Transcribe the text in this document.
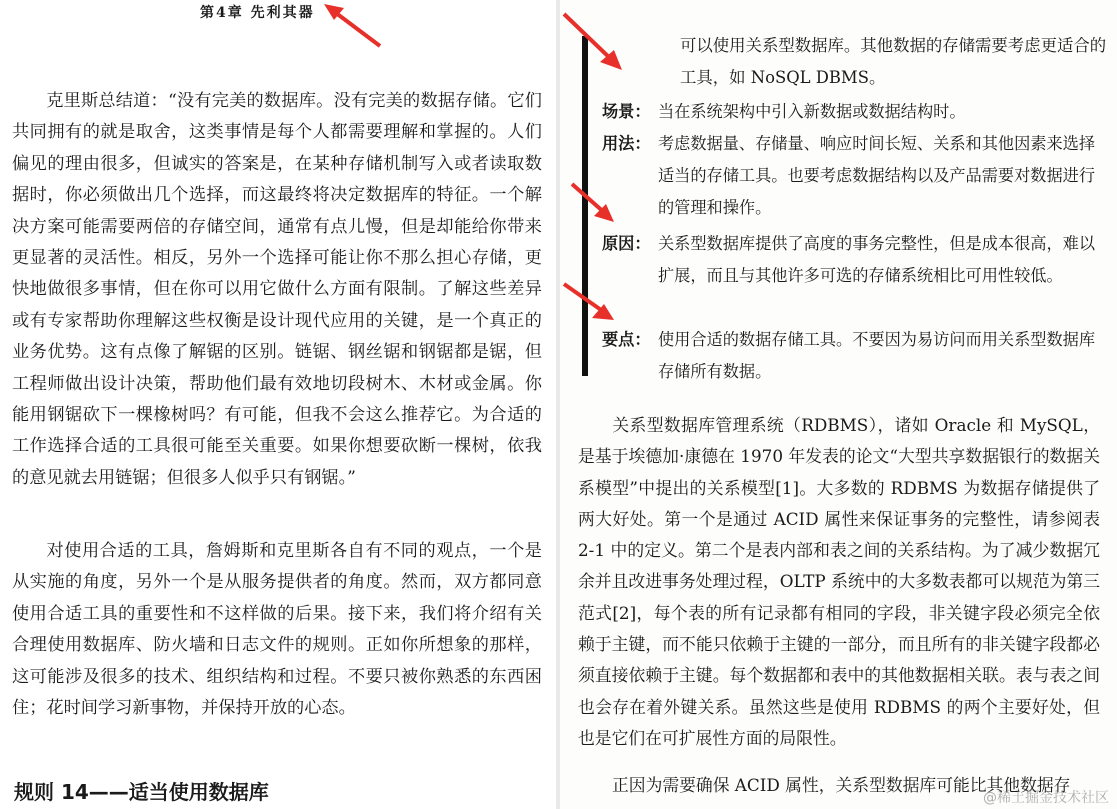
第4章 先利其器

克里斯总结道：“没有完美的数据库。没有完美的数据存储。它们共同拥有的就是取舍，这类事情是每个人都需要理解和掌握的。人们偏见的理由很多，但诚实的答案是，在某种存储机制写入或者读取数据时，你必须做出几个选择，而这最终将决定数据库的特征。一个解决方案可能需要两倍的存储空间，通常有点儿慢，但是却能给你带来更显著的灵活性。相反，另外一个选择可能让你不那么担心存储，更快地做很多事情，但在你可以用它做什么方面有限制。了解这些差异或有专家帮助你理解这些权衡是设计现代应用的关键，是一个真正的业务优势。这有点像了解锯的区别。链锯、钢丝锯和钢锯都是锯，但工程师做出设计决策，帮助他们最有效地切段树木、木材或金属。你能用钢锯砍下一棵橡树吗？有可能，但我不会这么推荐它。为合适的工作选择合适的工具很可能至关重要。如果你想要砍断一棵树，依我的意见就去用链锯；但很多人似乎只有钢锯。”

对使用合适的工具，詹姆斯和克里斯各自有不同的观点，一个是从实施的角度，另外一个是从服务提供者的角度。然而，双方都同意使用合适工具的重要性和不这样做的后果。接下来，我们将介绍有关合理使用数据库、防火墙和日志文件的规则。正如你所想象的那样，这可能涉及很多的技术、组织结构和过程。不要只被你熟悉的东西困住；花时间学习新事物，并保持开放的心态。

规则 14——适当使用数据库

可以使用关系型数据库。其他数据的存储需要考虑更适合的工具，如 NoSQL DBMS。

场景： 当在系统架构中引入新数据或数据结构时。
用法： 考虑数据量、存储量、响应时间长短、关系和其他因素来选择适当的存储工具。也要考虑数据结构以及产品需要对数据进行的管理和操作。
原因： 关系型数据库提供了高度的事务完整性，但是成本很高，难以扩展，而且与其他许多可选的存储系统相比可用性较低。
要点： 使用合适的数据存储工具。不要因为易访问而用关系型数据库存储所有数据。

关系型数据库管理系统（RDBMS），诸如 Oracle 和 MySQL，是基于埃德加·康德在 1970 年发表的论文“大型共享数据银行的数据关系模型”中提出的关系模型[1]。大多数的 RDBMS 为数据存储提供了两大好处。第一个是通过 ACID 属性来保证事务的完整性，请参阅表 2-1 中的定义。第二个是表内部和表之间的关系结构。为了减少数据冗余并且改进事务处理过程，OLTP 系统中的大多数表都可以规范为第三范式[2]，每个表的所有记录都有相同的字段，非关键字段必须完全依赖于主键，而不能只依赖于主键的一部分，而且所有的非关键字段都必须直接依赖于主键。每个数据都和表中的其他数据相关联。表与表之间也会存在着外键关系。虽然这些是使用 RDBMS 的两个主要好处，但也是它们在可扩展性方面的局限性。

正因为需要确保 ACID 属性，关系型数据库可能比其他数据存

@稀土掘金技术社区
